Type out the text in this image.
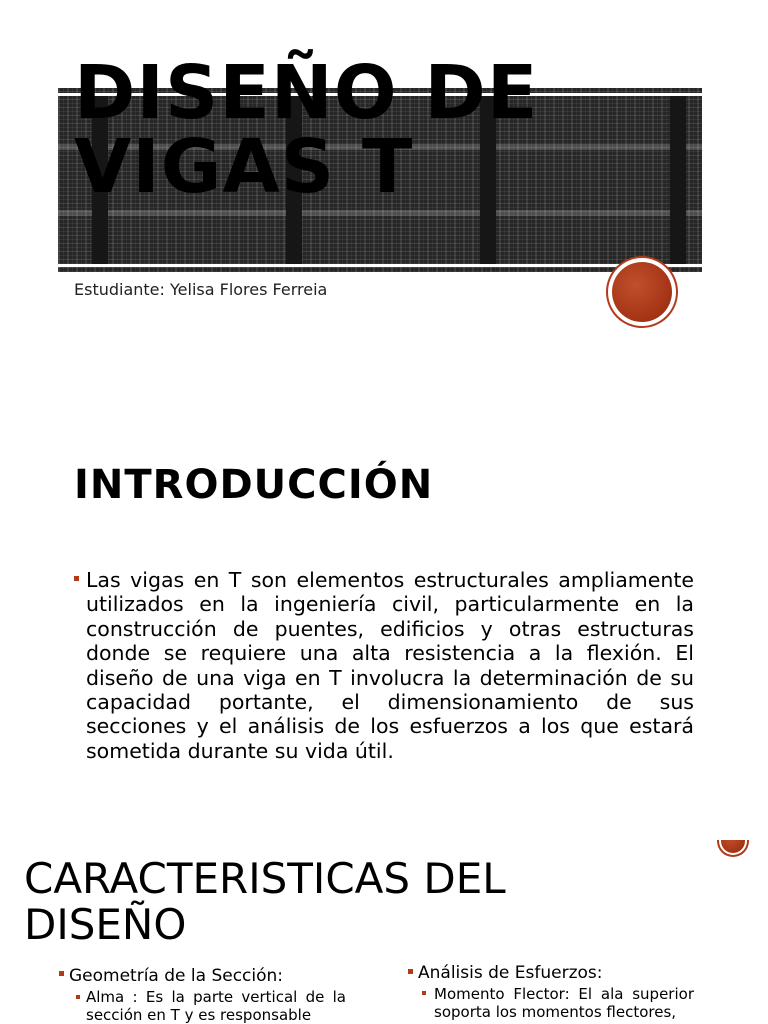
DISEÑO DE VIGAS T
Estudiante: Yelisa Flores Ferreia
INTRODUCCIÓN

Las vigas en T son elementos estructurales ampliamente utilizados en la ingeniería civil, particularmente en la construcción de puentes, edificios y otras estructuras donde se requiere una alta resistencia a la flexión. El diseño de una viga en T involucra la determinación de su capacidad portante, el dimensionamiento de sus secciones y el análisis de los esfuerzos a los que estará sometida durante su vida útil.

CARACTERISTICAS DEL DISEÑO
Geometría de la Sección:

Alma : Es la parte vertical de la sección en T y es responsable

Análisis de Esfuerzos:

Momento Flector: El ala superior soporta los momentos flectores,
